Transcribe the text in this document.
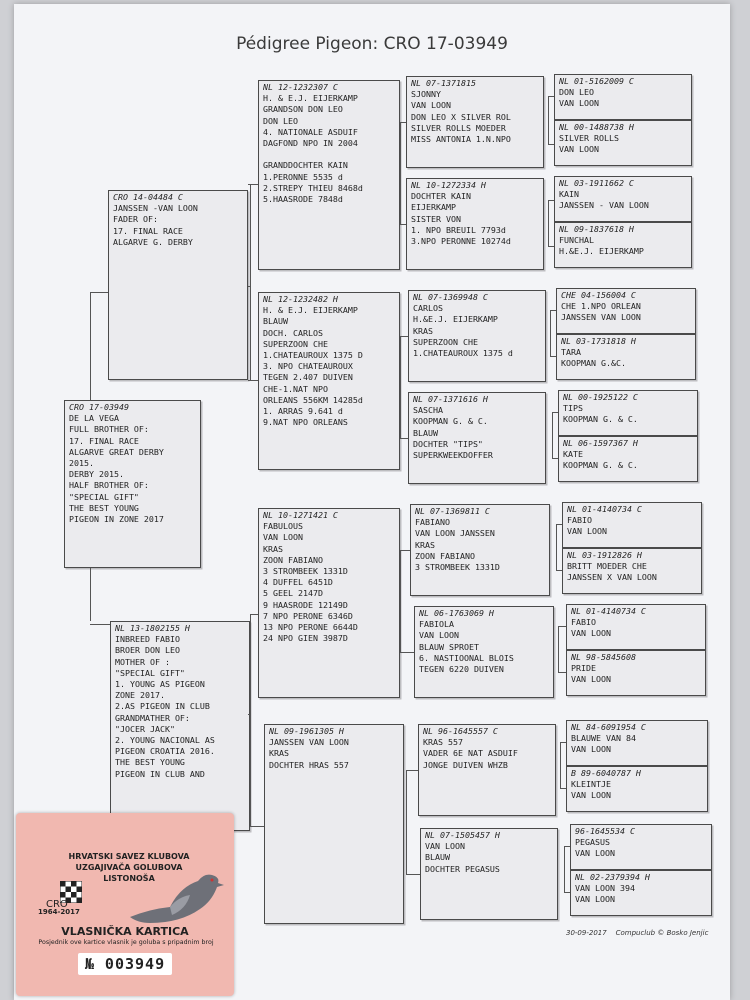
Pédigree Pigeon: CRO 17-03949
CRO 17-03949
DE LA VEGA
FULL BROTHER OF:
17. FINAL RACE
ALGARVE GREAT DERBY
2015.
DERBY 2015.
HALF BROTHER OF:
"SPECIAL GIFT"
THE BEST YOUNG
PIGEON IN ZONE 2017
CRO 14-04484 C
JANSSEN -VAN LOON
FADER OF:
17. FINAL RACE
ALGARVE G. DERBY
NL 13-1802155 H
INBREED FABIO
BROER DON LEO
MOTHER OF :
"SPECIAL GIFT"
1. YOUNG AS PIGEON
ZONE 2017.
2.AS PIGEON IN CLUB
GRANDMATHER OF:
"JOCER JACK"
2. YOUNG NACIONAL AS
PIGEON CROATIA 2016.
THE BEST YOUNG
PIGEON IN CLUB AND
NL 12-1232307 C
H. & E.J. EIJERKAMP
GRANDSON DON LEO
DON LEO
4. NATIONALE ASDUIF
DAGFOND NPO IN 2004

GRANDDOCHTER KAIN
1.PERONNE 5535 d
2.STREPY THIEU 8468d
5.HAASRODE 7848d
NL 12-1232482 H
H. & E.J. EIJERKAMP
BLAUW
DOCH. CARLOS
SUPERZOON CHE
1.CHATEAUROUX 1375 D
3. NPO CHATEAUROUX
TEGEN 2.407 DUIVEN
CHE-1.NAT NPO
ORLEANS 556KM 14285d
1. ARRAS 9.641 d
9.NAT NPO ORLEANS
NL 10-1271421 C
FABULOUS
VAN LOON
KRAS
ZOON FABIANO
3 STROMBEEK 1331D
4 DUFFEL 6451D
5 GEEL 2147D
9 HAASRODE 12149D
7 NPO PERONE 6346D
13 NPO PERONE 6644D
24 NPO GIEN 3987D
NL 09-1961305 H
JANSSEN VAN LOON
KRAS
DOCHTER HRAS 557
NL 07-1371815
SJONNY
VAN LOON
DON LEO X SILVER ROL
SILVER ROLLS MOEDER
MISS ANTONIA 1.N.NPO
NL 10-1272334 H
DOCHTER KAIN
EIJERKAMP
SISTER VON
1. NPO BREUIL 7793d
3.NPO PERONNE 10274d
NL 07-1369948 C
CARLOS
H.&E.J. EIJERKAMP
KRAS
SUPERZOON CHE
1.CHATEAUROUX 1375 d
NL 07-1371616 H
SASCHA
KOOPMAN G. & C.
BLAUW
DOCHTER "TIPS"
SUPERKWEEKDOFFER
NL 07-1369811 C
FABIANO
VAN LOON JANSSEN
KRAS
ZOON FABIANO
3 STROMBEEK 1331D
NL 06-1763069 H
FABIOLA
VAN LOON
BLAUW SPROET
6. NASTIOONAL BLOIS
TEGEN 6220 DUIVEN
NL 96-1645557 C
KRAS 557
VADER 6E NAT ASDUIF
JONGE DUIVEN WHZB
NL 07-1505457 H
VAN LOON
BLAUW
DOCHTER PEGASUS
NL 01-5162009 C
DON LEO
VAN LOON
NL 00-1488738 H
SILVER ROLLS
VAN LOON
NL 03-1911662 C
KAIN
JANSSEN - VAN LOON
NL 09-1837618 H
FUNCHAL
H.&E.J. EIJERKAMP
CHE 04-156004 C
CHE 1.NPO ORLEAN
JANSSEN VAN LOON
NL 03-1731818 H
TARA
KOOPMAN G.&C.
NL 00-1925122 C
TIPS
KOOPMAN G. & C.
NL 06-1597367 H
KATE
KOOPMAN G. & C.
NL 01-4140734 C
FABIO
VAN LOON
NL 03-1912826 H
BRITT MOEDER CHE
JANSSEN X VAN LOON
NL 01-4140734 C
FABIO
VAN LOON
NL 98-5845608
PRIDE
VAN LOON
NL 84-6091954 C
BLAUWE VAN 84
VAN LOON
B 89-6040787 H
KLEINTJE
VAN LOON
96-1645534 C
PEGASUS
VAN LOON
NL 02-2379394 H
VAN LOON 394
VAN LOON
30-09-2017    Compuclub © Bosko Jenjic
HRVATSKI SAVEZ KLUBOVA UZGAJIVAČA GOLUBOVA LISTONOŠA
CRO
1964-2017
VLASNIČKA KARTICA
Posjednik ove kartice vlasnik je goluba s pripadnim broj
№ 003949
